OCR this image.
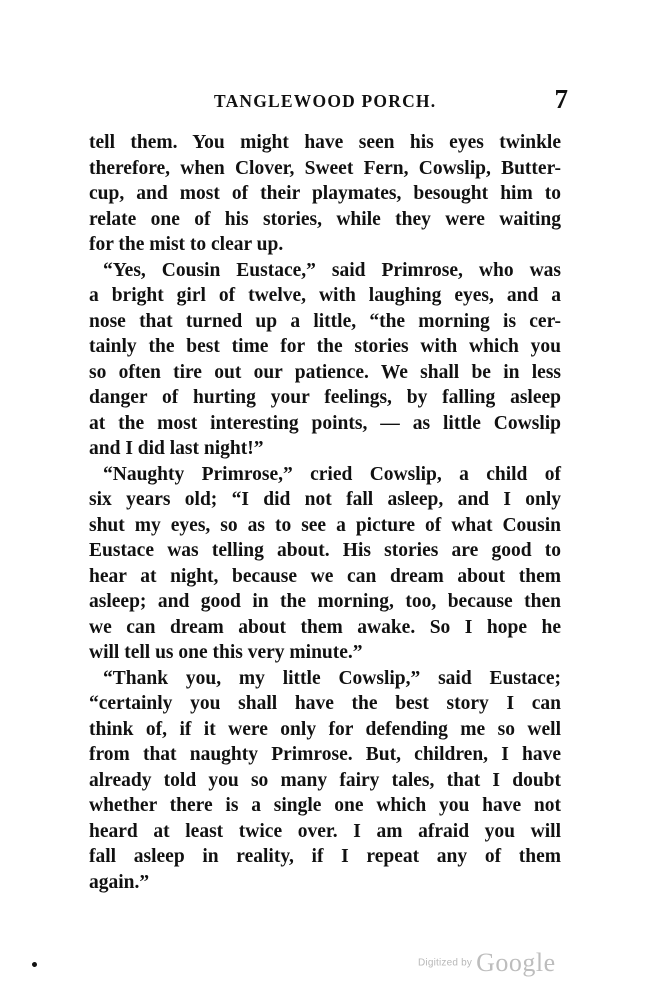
TANGLEWOOD PORCH.	7
tell them. You might have seen his eyes twinkle
therefore, when Clover, Sweet Fern, Cowslip, Butter-
cup, and most of their playmates, besought him to
relate one of his stories, while they were waiting
for the mist to clear up.
“Yes, Cousin Eustace,” said Primrose, who was
a bright girl of twelve, with laughing eyes, and a
nose that turned up a little, “the morning is cer-
tainly the best time for the stories with which you
so often tire out our patience. We shall be in less
danger of hurting your feelings, by falling asleep
at the most interesting points, — as little Cowslip
and I did last night!”
“Naughty Primrose,” cried Cowslip, a child of
six years old; “I did not fall asleep, and I only
shut my eyes, so as to see a picture of what Cousin
Eustace was telling about. His stories are good to
hear at night, because we can dream about them
asleep; and good in the morning, too, because then
we can dream about them awake. So I hope he
will tell us one this very minute.”
“Thank you, my little Cowslip,” said Eustace;
“certainly you shall have the best story I can
think of, if it were only for defending me so well
from that naughty Primrose. But, children, I have
already told you so many fairy tales, that I doubt
whether there is a single one which you have not
heard at least twice over. I am afraid you will
fall asleep in reality, if I repeat any of them
again.”
Digitized by Google
